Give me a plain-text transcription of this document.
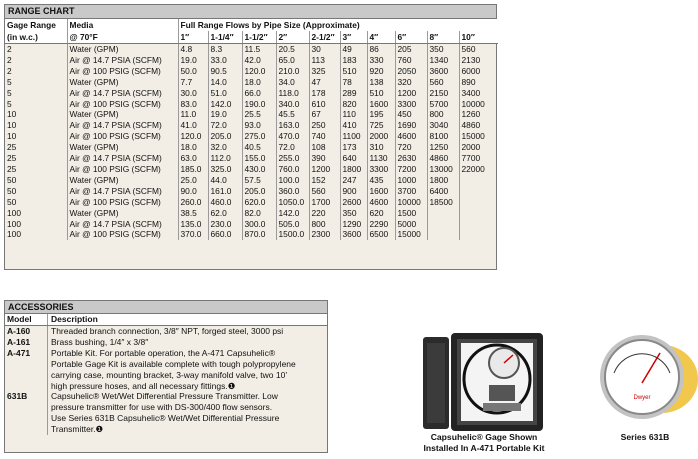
RANGE CHART
Gage Range	Media	Full Range Flows by Pipe Size (Approximate)									
(in w.c.)	@ 70°F	1″	1-1/4″	1-1/2″	2″	2-1/2″	3″	4″	6″	8″	10″
2	Water (GPM)	4.8	8.3	11.5	20.5	30	49	86	205	350	560
2	Air @ 14.7 PSIA (SCFM)	19.0	33.0	42.0	65.0	113	183	330	760	1340	2130
2	Air @ 100 PSIG (SCFM)	50.0	90.5	120.0	210.0	325	510	920	2050	3600	6000
5	Water (GPM)	7.7	14.0	18.0	34.0	47	78	138	320	560	890
5	Air @ 14.7 PSIA (SCFM)	30.0	51.0	66.0	118.0	178	289	510	1200	2150	3400
5	Air @ 100 PSIG (SCFM)	83.0	142.0	190.0	340.0	610	820	1600	3300	5700	10000
10	Water (GPM)	11.0	19.0	25.5	45.5	67	110	195	450	800	1260
10	Air @ 14.7 PSIA (SCFM)	41.0	72.0	93.0	163.0	250	410	725	1690	3040	4860
10	Air @ 100 PSIG (SCFM)	120.0	205.0	275.0	470.0	740	1100	2000	4600	8100	15000
25	Water (GPM)	18.0	32.0	40.5	72.0	108	173	310	720	1250	2000
25	Air @ 14.7 PSIA (SCFM)	63.0	112.0	155.0	255.0	390	640	1130	2630	4860	7700
25	Air @ 100 PSIG (SCFM)	185.0	325.0	430.0	760.0	1200	1800	3300	7200	13000	22000
50	Water (GPM)	25.0	44.0	57.5	100.0	152	247	435	1000	1800	
50	Air @ 14.7 PSIA (SCFM)	90.0	161.0	205.0	360.0	560	900	1600	3700	6400	
50	Air @ 100 PSIG (SCFM)	260.0	460.0	620.0	1050.0	1700	2600	4600	10000	18500	
100	Water (GPM)	38.5	62.0	82.0	142.0	220	350	620	1500		
100	Air @ 14.7 PSIA (SCFM)	135.0	230.0	300.0	505.0	800	1290	2290	5000		
100	Air @ 100 PSIG (SCFM)	370.0	660.0	870.0	1500.0	2300	3600	6500	15000		
ACCESSORIES
Model	Description
A-160	Threaded branch connection, 3/8″ NPT, forged steel, 3000 psi
A-161	Brass bushing, 1/4″ x 3/8″
A-471	Portable Kit. For portable operation, the A-471 Capsuhelic®
Portable Gage Kit is available complete with tough polypropylene
carrying case, mounting bracket, 3-way manifold valve, two 10’
high pressure hoses, and all necessary fittings.❶
631B	Capsuhelic® Wet/Wet Differential Pressure Transmitter. Low
pressure transmitter for use with DS-300/400 flow sensors.
Use Series 631B Capsuhelic® Wet/Wet Differential Pressure
Transmitter.❶
Capsuhelic® Gage Shown
Installed In A-471 Portable Kit
Dwyer
Series 631B
